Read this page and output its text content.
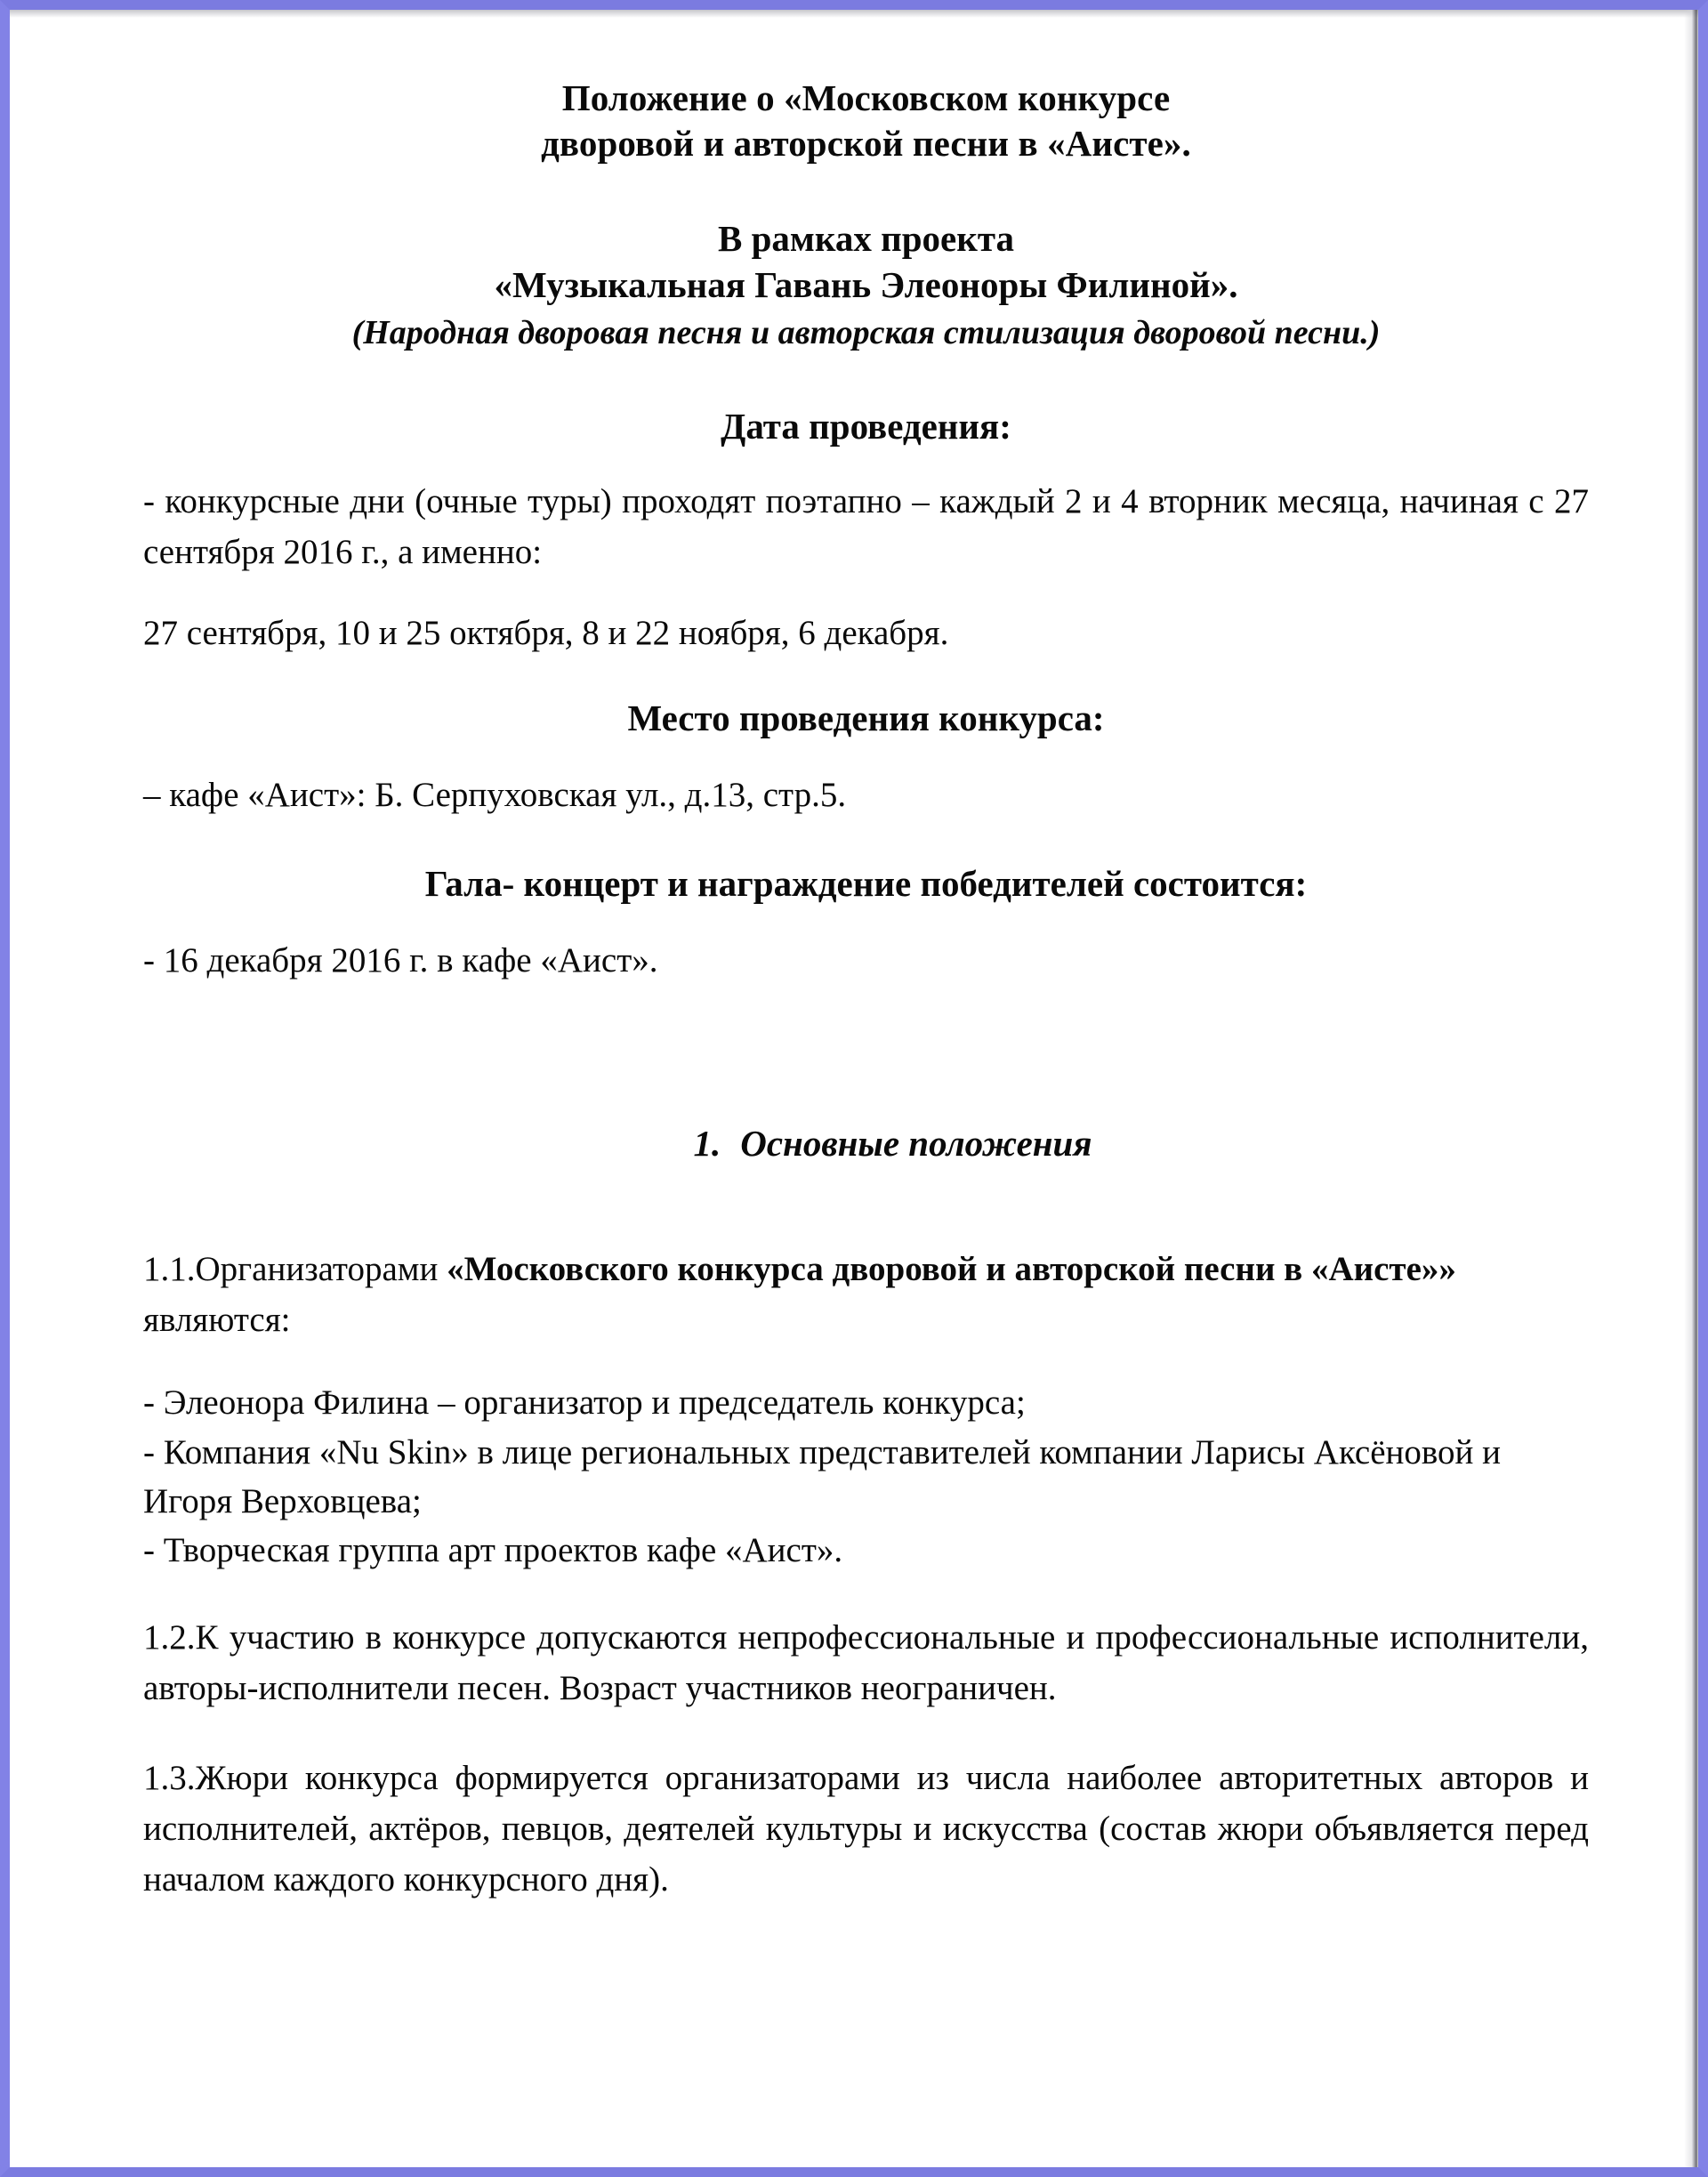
Положение о «Московском конкурсе
дворовой и авторской песни в «Аисте».
В рамках проекта
«Музыкальная Гавань Элеоноры Филиной».
(Народная дворовая песня и авторская стилизация дворовой песни.)
Дата проведения:
- конкурсные дни (очные туры) проходят поэтапно – каждый 2 и 4 вторник месяца, начиная с 27 сентября 2016 г., а именно:
27 сентября, 10 и 25 октября, 8 и 22 ноября, 6 декабря.
Место проведения конкурса:
– кафе «Аист»: Б. Серпуховская ул., д.13, стр.5.
Гала- концерт и награждение победителей состоится:
- 16 декабря 2016 г. в кафе «Аист».
1. Основные положения
1.1.Организаторами «Московского конкурса дворовой и авторской песни в «Аисте»» являются:
- Элеонора Филина – организатор и председатель конкурса;
- Компания «Nu Skin» в лице региональных представителей компании Ларисы Аксёновой и Игоря Верховцева;
- Творческая группа арт проектов кафе «Аист».
1.2.К участию в конкурсе допускаются непрофессиональные и профессиональные исполнители, авторы-исполнители песен. Возраст участников неограничен.
1.3.Жюри конкурса формируется организаторами из числа наиболее авторитетных авторов и исполнителей, актёров, певцов, деятелей культуры и искусства (состав жюри объявляется перед началом каждого конкурсного дня).
